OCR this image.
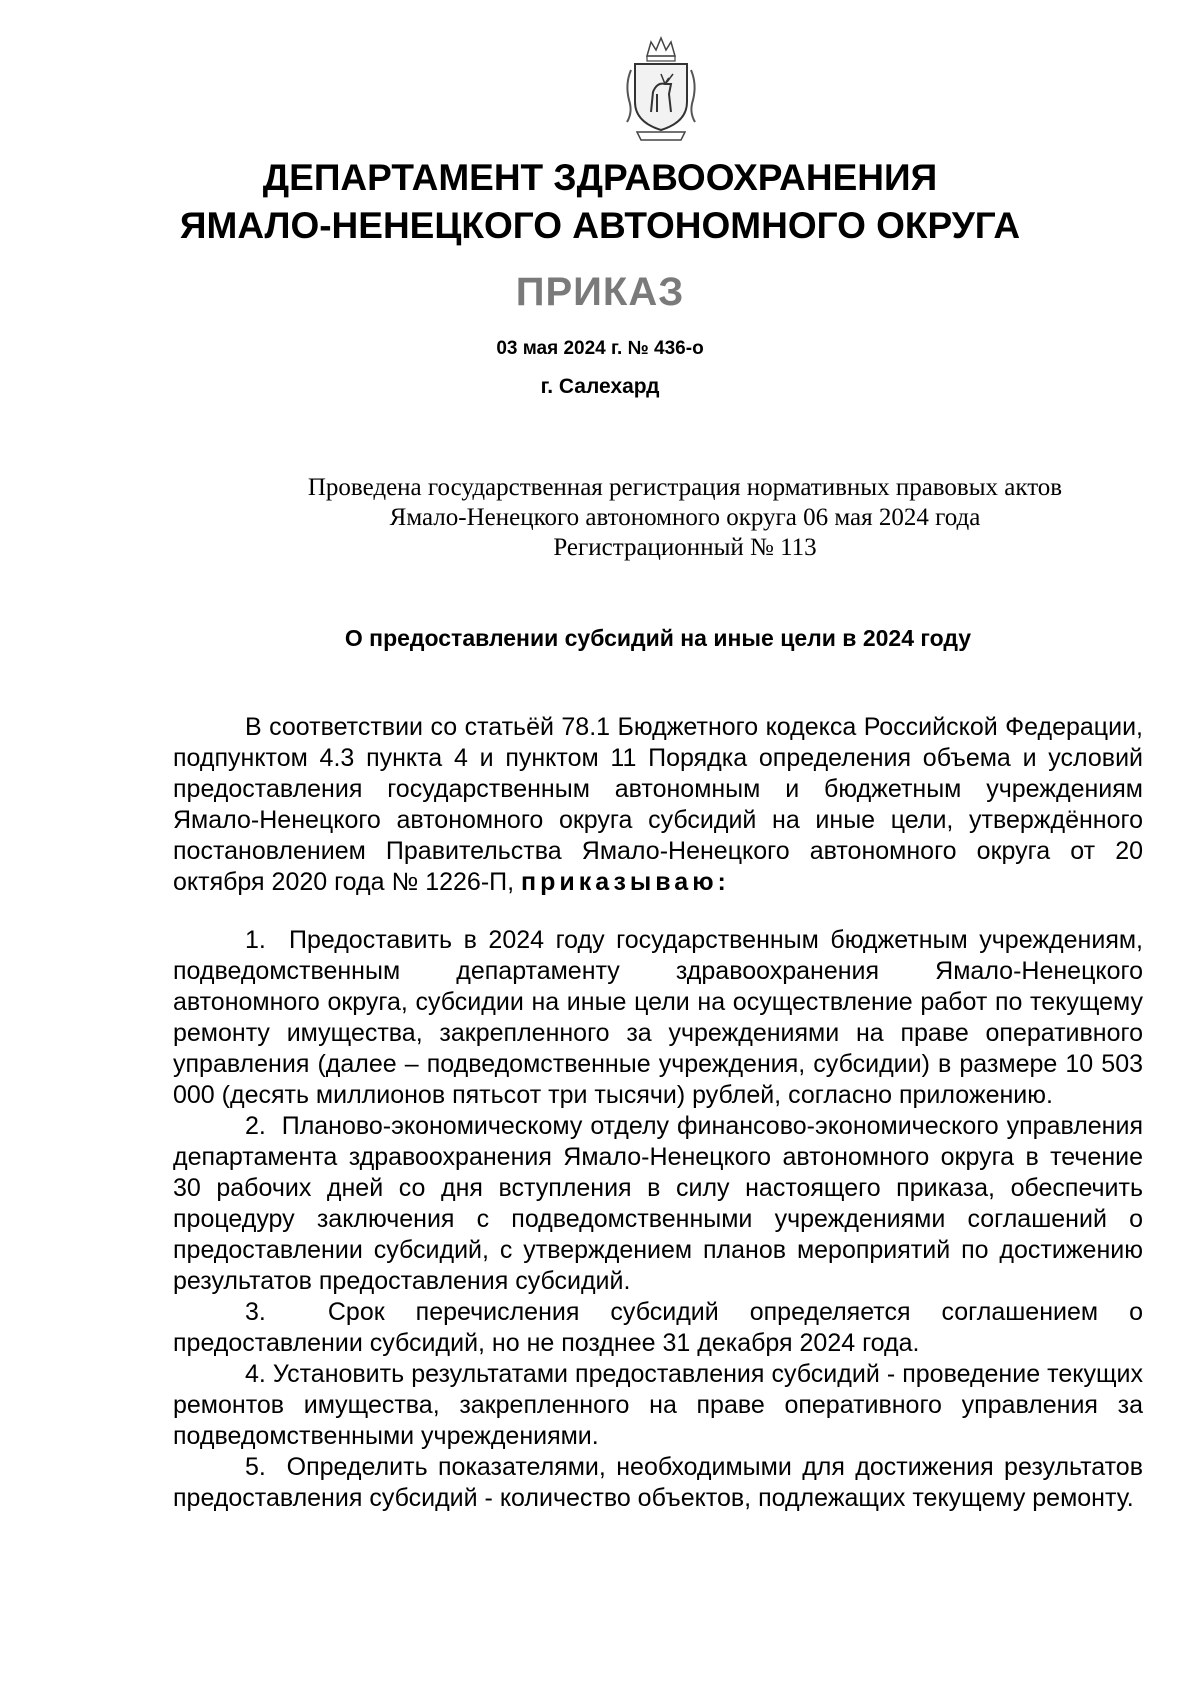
ДЕПАРТАМЕНТ ЗДРАВООХРАНЕНИЯ
ЯМАЛО-НЕНЕЦКОГО АВТОНОМНОГО ОКРУГА
ПРИКАЗ
03 мая 2024 г. № 436-о
г. Салехард
Проведена государственная регистрация нормативных правовых актов
Ямало-Ненецкого автономного округа 06 мая 2024 года
Регистрационный № 113
О предоставлении субсидий на иные цели в 2024 году

В соответствии со статьёй 78.1 Бюджетного кодекса Российской Федерации, подпунктом 4.3 пункта 4 и пунктом 11 Порядка определения объема и условий предоставления государственным автономным и бюджетным учреждениям Ямало-Ненецкого автономного округа субсидий на иные цели, утверждённого постановлением Правительства Ямало-Ненецкого автономного округа от 20 октября 2020 года № 1226-П, приказываю:

1.  Предоставить в 2024 году государственным бюджетным учреждениям, подведомственным департаменту здравоохранения Ямало-Ненецкого автономного округа, субсидии на иные цели на осуществление работ по текущему ремонту имущества, закрепленного за учреждениями на праве оперативного управления (далее – подведомственные учреждения, субсидии) в размере 10 503 000 (десять миллионов пятьсот три тысячи) рублей, согласно приложению.

2.  Планово-экономическому отделу финансово-экономического управления департамента здравоохранения Ямало-Ненецкого автономного округа в течение 30 рабочих дней со дня вступления в силу настоящего приказа, обеспечить процедуру заключения с подведомственными учреждениями соглашений о предоставлении субсидий, с утверждением планов мероприятий по достижению результатов предоставления субсидий.

3.  Срок перечисления субсидий определяется соглашением о предоставлении субсидий, но не позднее 31 декабря 2024 года.

4. Установить результатами предоставления субсидий - проведение текущих ремонтов имущества, закрепленного на праве оперативного управления за подведомственными учреждениями.

5.  Определить показателями, необходимыми для достижения результатов предоставления субсидий - количество объектов, подлежащих текущему ремонту.
